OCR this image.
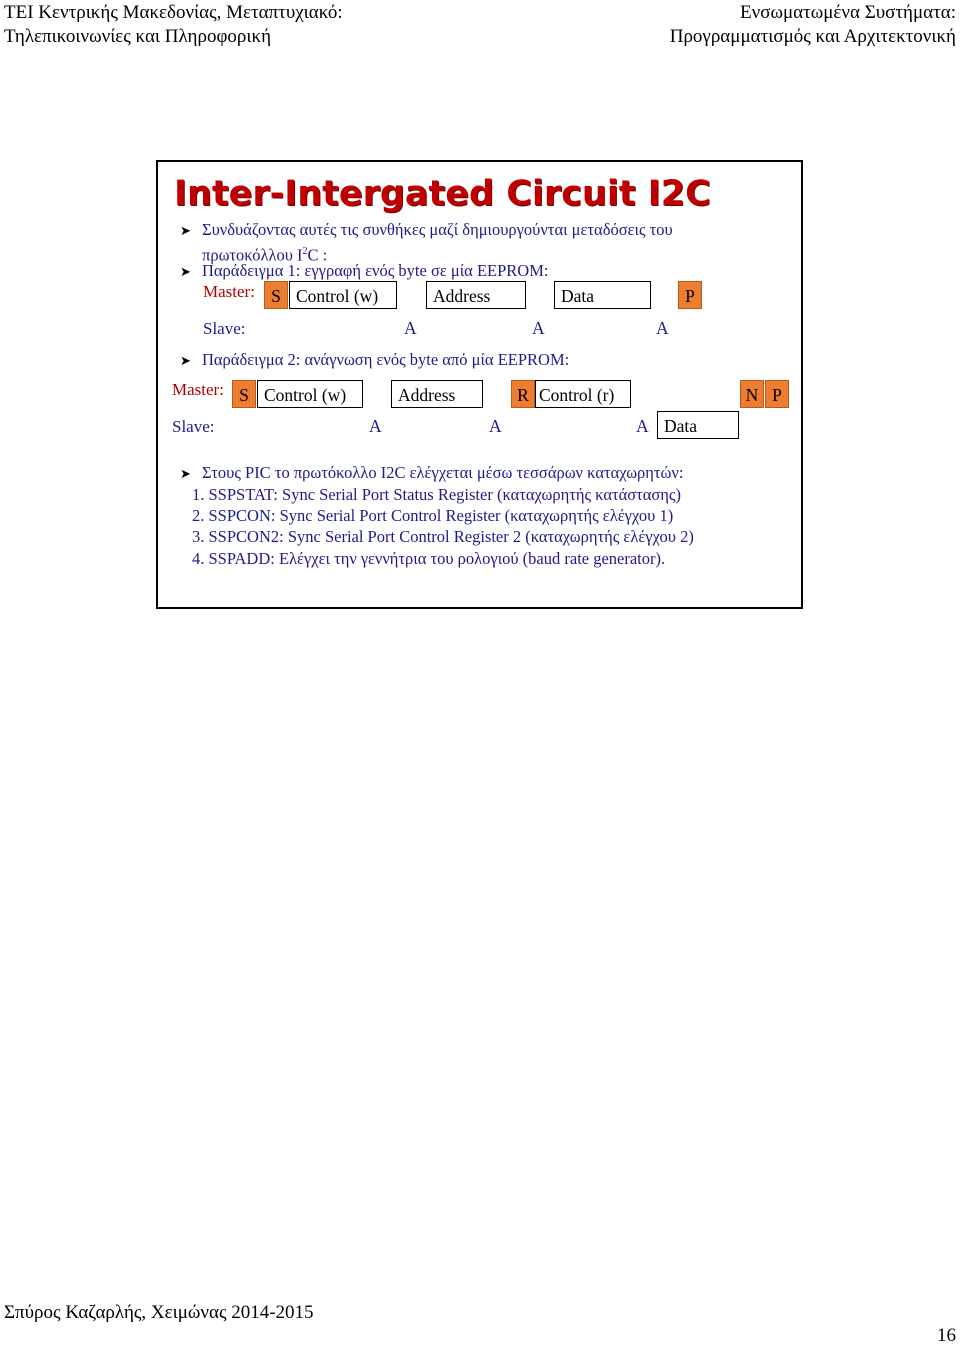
ΤΕΙ Κεντρικής Μακεδονίας, Μεταπτυχιακό:
Τηλεπικοινωνίες και Πληροφορική
Ενσωματωμένα Συστήματα:
Προγραμματισμός και Αρχιτεκτονική
Inter-Intergated Circuit I2C
➤ Συνδυάζοντας αυτές τις συνθήκες μαζί δημιουργούνται μεταδόσεις του
πρωτοκόλλου $I^2C$ :
➤ Παράδειγμα 1: εγγραφή ενός byte σε μία EEPROM:
Master: S Control (w)	Address	Data	P
Slave:	A	A	A
➤ Παράδειγμα 2: ανάγνωση ενός byte από μία EEPROM:
Master: S Control (w)	Address	R Control (r)	N P
Slave:	A	A	A Data
➤ Στους PIC το πρωτόκολλο I2C ελέγχεται μέσω τεσσάρων καταχωρητών:
1. SSPSTAT: Sync Serial Port Status Register (καταχωρητής κατάστασης)
2. SSPCON: Sync Serial Port Control Register (καταχωρητής ελέγχου 1)
3. SSPCON2: Sync Serial Port Control Register 2 (καταχωρητής ελέγχου 2)
4. SSPADD: Ελέγχει την γεννήτρια του ρολογιού (baud rate generator).
Σπύρος Καζαρλής, Χειμώνας 2014-2015
16
